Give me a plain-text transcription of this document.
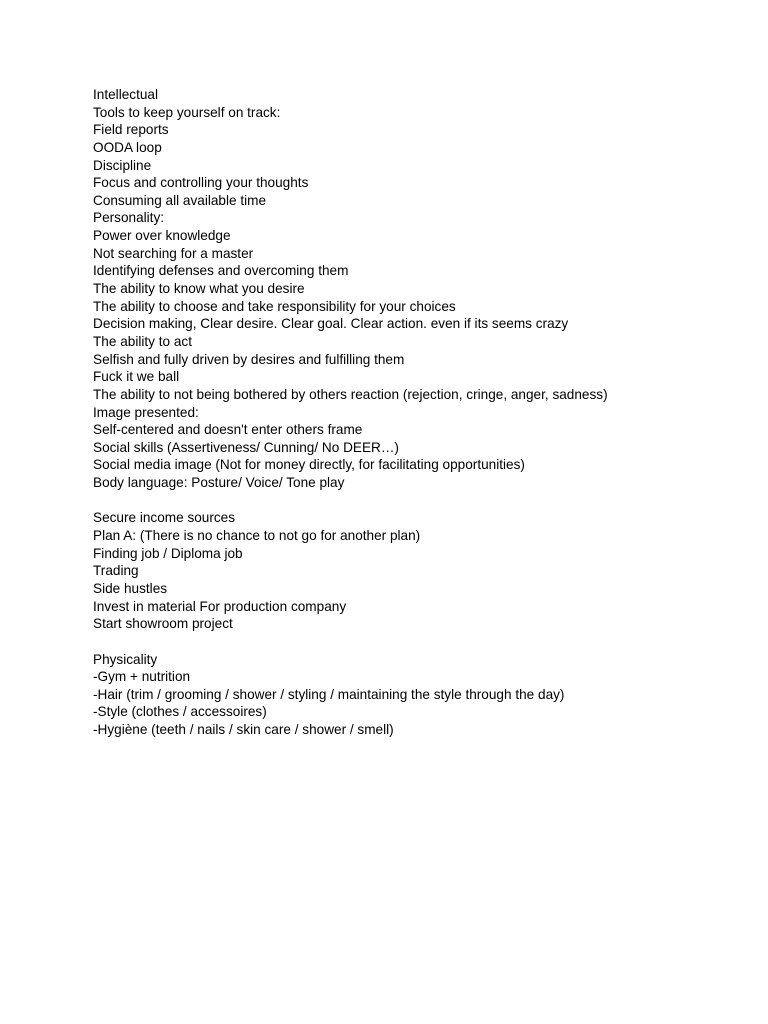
Intellectual
Tools to keep yourself on track:
Field reports
OODA loop
Discipline
Focus and controlling your thoughts
Consuming all available time
Personality:
Power over knowledge
Not searching for a master
Identifying defenses and overcoming them
The ability to know what you desire
The ability to choose and take responsibility for your choices
Decision making, Clear desire. Clear goal. Clear action. even if its seems crazy
The ability to act
Selfish and fully driven by desires and fulfilling them
Fuck it we ball
The ability to not being bothered by others reaction (rejection, cringe, anger, sadness)
Image presented:
Self-centered and doesn't enter others frame
Social skills (Assertiveness/ Cunning/ No DEER…)
Social media image (Not for money directly, for facilitating opportunities)
Body language: Posture/ Voice/ Tone play
Secure income sources
Plan A: (There is no chance to not go for another plan)
Finding job / Diploma job
Trading
Side hustles
Invest in material For production company
Start showroom project
Physicality
-Gym + nutrition
-Hair (trim / grooming / shower / styling / maintaining the style through the day)
-Style (clothes / accessoires)
-Hygiène (teeth / nails / skin care / shower / smell)
